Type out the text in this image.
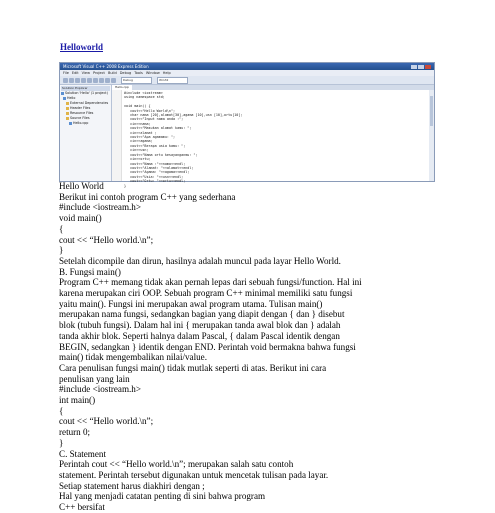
Helloworld
Microsoft Visual C++ 2008 Express Edition
File Edit View Project Build Debug Tools Window Help
Debug	Win32
Solution Explorer
Solution 'Hello' (1 project)
Hello
External Dependencies
Header Files
Resource Files
Source Files
Hello.cpp
Hello.cpp
#include <iostream>
using namespace std;

void main() {
cout<<"Hello World\n";
char nama [20],alamat[30],agama [10],usn [10],ortu[10];
cout<<"Input nama anda :";
cin>>nama;
cout<<"Masukan alamat kamu: ";
cin>>alamat ;
cout<<"Apa agamamu: ";
cin>>agama;
cout<<"Berapa usia kamu: ";
cin>>usn;
cout<<"Nama ortu kesayanganmu: ";
cin>>ortu;
cout<<"Nama :"<<nama<<endl;
cout<<"Alamat: "<<alamat<<endl;
cout<<"Agama: "<<agama<<endl;
cout<<"Usia: "<<usn<<endl;
cout<<"Ortu: "<<ortu<<endl;
}
Hello World
Berikut ini contoh program C++ yang sederhana
#include <iostream.h>
void main()
{
cout << “Hello world.\n”;
}
Setelah dicompile dan dirun, hasilnya adalah muncul pada layar Hello World.
B. Fungsi main()
Program C++ memang tidak akan pernah lepas dari sebuah fungsi/function. Hal ini
karena merupakan ciri OOP. Sebuah program C++ minimal memiliki satu fungsi
yaitu main(). Fungsi ini merupakan awal program utama. Tulisan main()
merupakan nama fungsi, sedangkan bagian yang diapit dengan { dan } disebut
blok (tubuh fungsi). Dalam hal ini { merupakan tanda awal blok dan } adalah
tanda akhir blok. Seperti halnya dalam Pascal, { dalam Pascal identik dengan
BEGIN, sedangkan } identik dengan END. Perintah void bermakna bahwa fungsi
main() tidak mengembalikan nilai/value.
Cara penulisan fungsi main() tidak mutlak seperti di atas. Berikut ini cara
penulisan yang lain
#include <iostream.h>
int main()
{
cout << “Hello world.\n”;
return 0;
}
C. Statement
Perintah cout << “Hello world.\n”; merupakan salah satu contoh
statement. Perintah tersebut digunakan untuk mencetak tulisan pada layar.
Setiap statement harus diakhiri dengan ;
Hal yang menjadi catatan penting di sini bahwa program
C++ bersifat
